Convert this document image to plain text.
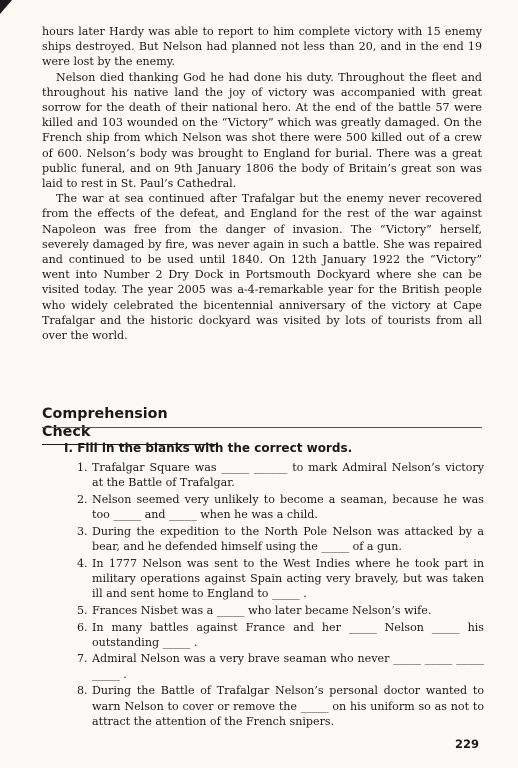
hours later Hardy was able to report to him complete victory with 15 enemy ships destroyed. But Nelson had planned not less than 20, and in the end 19 were lost by the enemy.

Nelson died thanking God he had done his duty. Throughout the fleet and throughout his native land the joy of victory was accompanied with great sorrow for the death of their national hero. At the end of the battle 57 were killed and 103 wounded on the “Victory” which was greatly damaged. On the French ship from which Nelson was shot there were 500 killed out of a crew of 600. Nelson’s body was brought to England for burial. There was a great public funeral, and on 9th January 1806 the body of Britain’s great son was laid to rest in St. Paul’s Cathedral.

The war at sea continued after Trafalgar but the enemy never recovered from the effects of the defeat, and England for the rest of the war against Napoleon was free from the danger of invasion. The “Victory” herself, severely damaged by fire, was never again in such a battle. She was repaired and continued to be used until 1840. On 12th January 1922 the “Victory” went into Number 2 Dry Dock in Portsmouth Dockyard where she can be visited today. The year 2005 was a-4-remarkable year for the British people who widely celebrated the bicentennial anniversary of the victory at Cape Trafalgar and the historic dockyard was visited by lots of tourists from all over the world.

Comprehension Check
I. Fill in the blanks with the correct words.
1. Trafalgar Square was _____ ______ to mark Admiral Nelson’s victory at the Battle of Trafalgar.
2. Nelson seemed very unlikely to become a seaman, because he was too _____ and _____ when he was a child.
3. During the expedition to the North Pole Nelson was attacked by a bear, and he defended himself using the _____ of a gun.
4. In 1777 Nelson was sent to the West Indies where he took part in military operations against Spain acting very bravely, but was taken ill and sent home to England to _____ .
5. Frances Nisbet was a _____ who later became Nelson’s wife.
6. In many battles against France and her _____ Nelson _____ his outstanding _____ .
7. Admiral Nelson was a very brave seaman who never _____ _____ _____ _____ .
8. During the Battle of Trafalgar Nelson’s personal doctor wanted to warn Nelson to cover or remove the _____ on his uniform so as not to attract the attention of the French snipers.
229
